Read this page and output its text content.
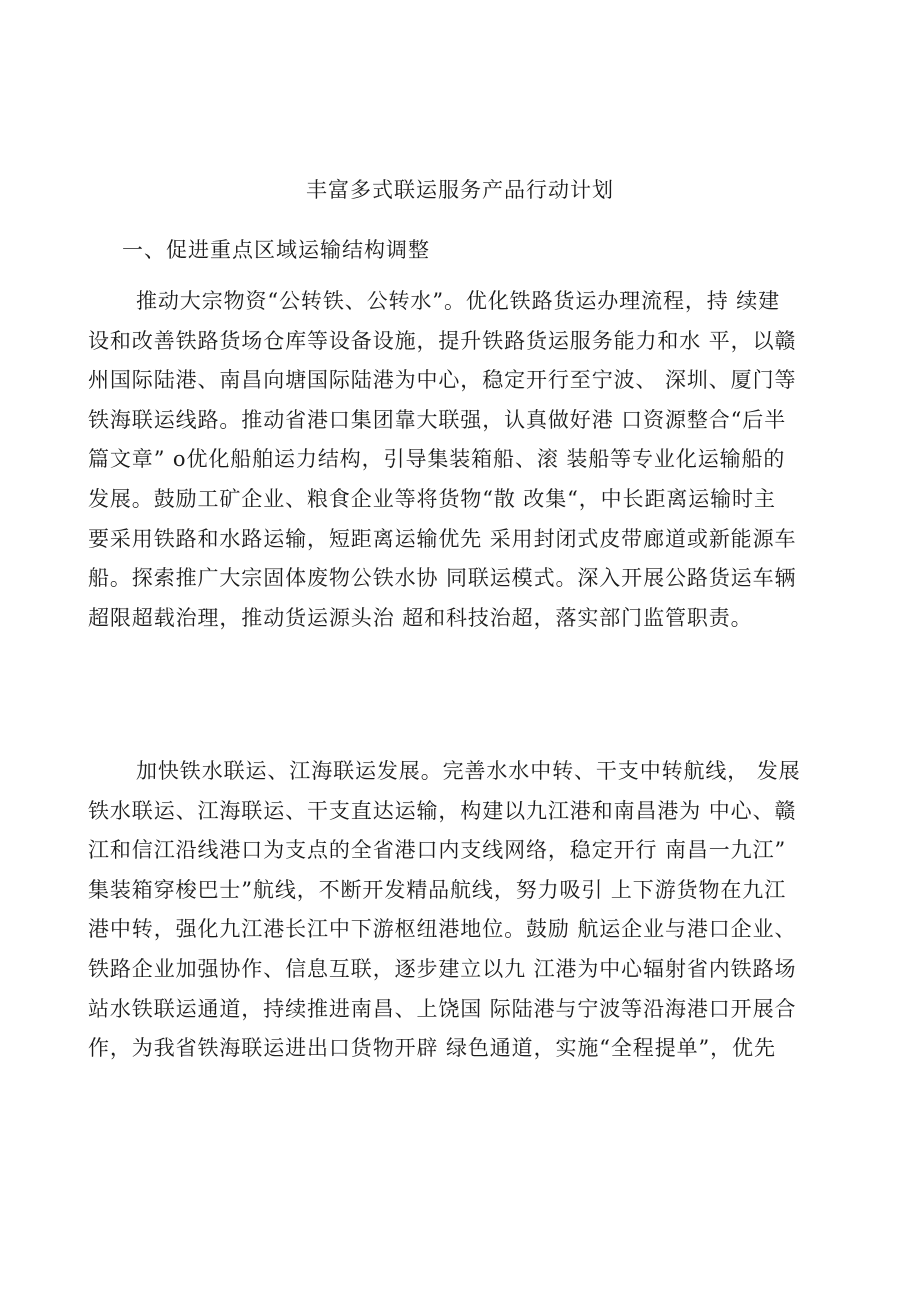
丰富多式联运服务产品行动计划
一、促进重点区域运输结构调整
推动大宗物资“公转铁、公转水”。优化铁路货运办理流程，持 续建
设和改善铁路货场仓库等设备设施，提升铁路货运服务能力和水 平，以赣
州国际陆港、南昌向塘国际陆港为中心，稳定开行至宁波、 深圳、厦门等
铁海联运线路。推动省港口集团靠大联强，认真做好港 口资源整合“后半
篇文章” o优化船舶运力结构，引导集装箱船、滚 装船等专业化运输船的
发展。鼓励工矿企业、粮食企业等将货物“散 改集“，中长距离运输时主
要采用铁路和水路运输，短距离运输优先 采用封闭式皮带廊道或新能源车
船。探索推广大宗固体废物公铁水协 同联运模式。深入开展公路货运车辆
超限超载治理，推动货运源头治 超和科技治超，落实部门监管职责。
加快铁水联运、江海联运发展。完善水水中转、干支中转航线， 发展
铁水联运、江海联运、干支直达运输，构建以九江港和南昌港为 中心、赣
江和信江沿线港口为支点的全省港口内支线网络，稳定开行 南昌一九江”
集装箱穿梭巴士”航线，不断开发精品航线，努力吸引 上下游货物在九江
港中转，强化九江港长江中下游枢纽港地位。鼓励 航运企业与港口企业、
铁路企业加强协作、信息互联，逐步建立以九 江港为中心辐射省内铁路场
站水铁联运通道，持续推进南昌、上饶国 际陆港与宁波等沿海港口开展合
作，为我省铁海联运进出口货物开辟 绿色通道，实施“全程提单”，优先
